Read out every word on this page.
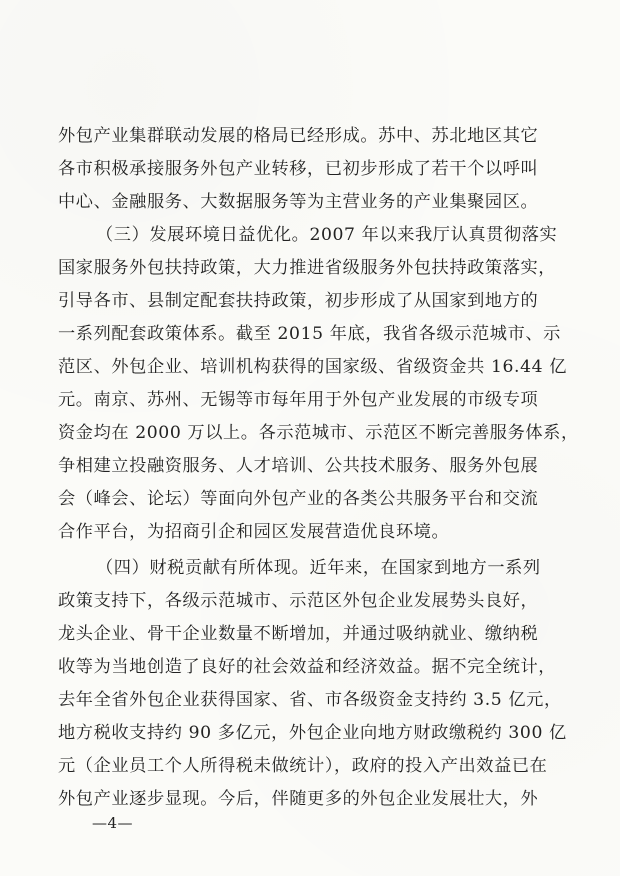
外包产业集群联动发展的格局已经形成。苏中、苏北地区其它
各市积极承接服务外包产业转移，已初步形成了若干个以呼叫
中心、金融服务、大数据服务等为主营业务的产业集聚园区。
（三）发展环境日益优化。2007 年以来我厅认真贯彻落实
国家服务外包扶持政策，大力推进省级服务外包扶持政策落实，
引导各市、县制定配套扶持政策，初步形成了从国家到地方的
一系列配套政策体系。截至 2015 年底，我省各级示范城市、示
范区、外包企业、培训机构获得的国家级、省级资金共 16.44 亿
元。南京、苏州、无锡等市每年用于外包产业发展的市级专项
资金均在 2000 万以上。各示范城市、示范区不断完善服务体系，
争相建立投融资服务、人才培训、公共技术服务、服务外包展
会（峰会、论坛）等面向外包产业的各类公共服务平台和交流
合作平台，为招商引企和园区发展营造优良环境。
（四）财税贡献有所体现。近年来，在国家到地方一系列
政策支持下，各级示范城市、示范区外包企业发展势头良好，
龙头企业、骨干企业数量不断增加，并通过吸纳就业、缴纳税
收等为当地创造了良好的社会效益和经济效益。据不完全统计，
去年全省外包企业获得国家、省、市各级资金支持约 3.5 亿元，
地方税收支持约 90 多亿元，外包企业向地方财政缴税约 300 亿
元（企业员工个人所得税未做统计），政府的投入产出效益已在
外包产业逐步显现。今后，伴随更多的外包企业发展壮大，外
—4—
